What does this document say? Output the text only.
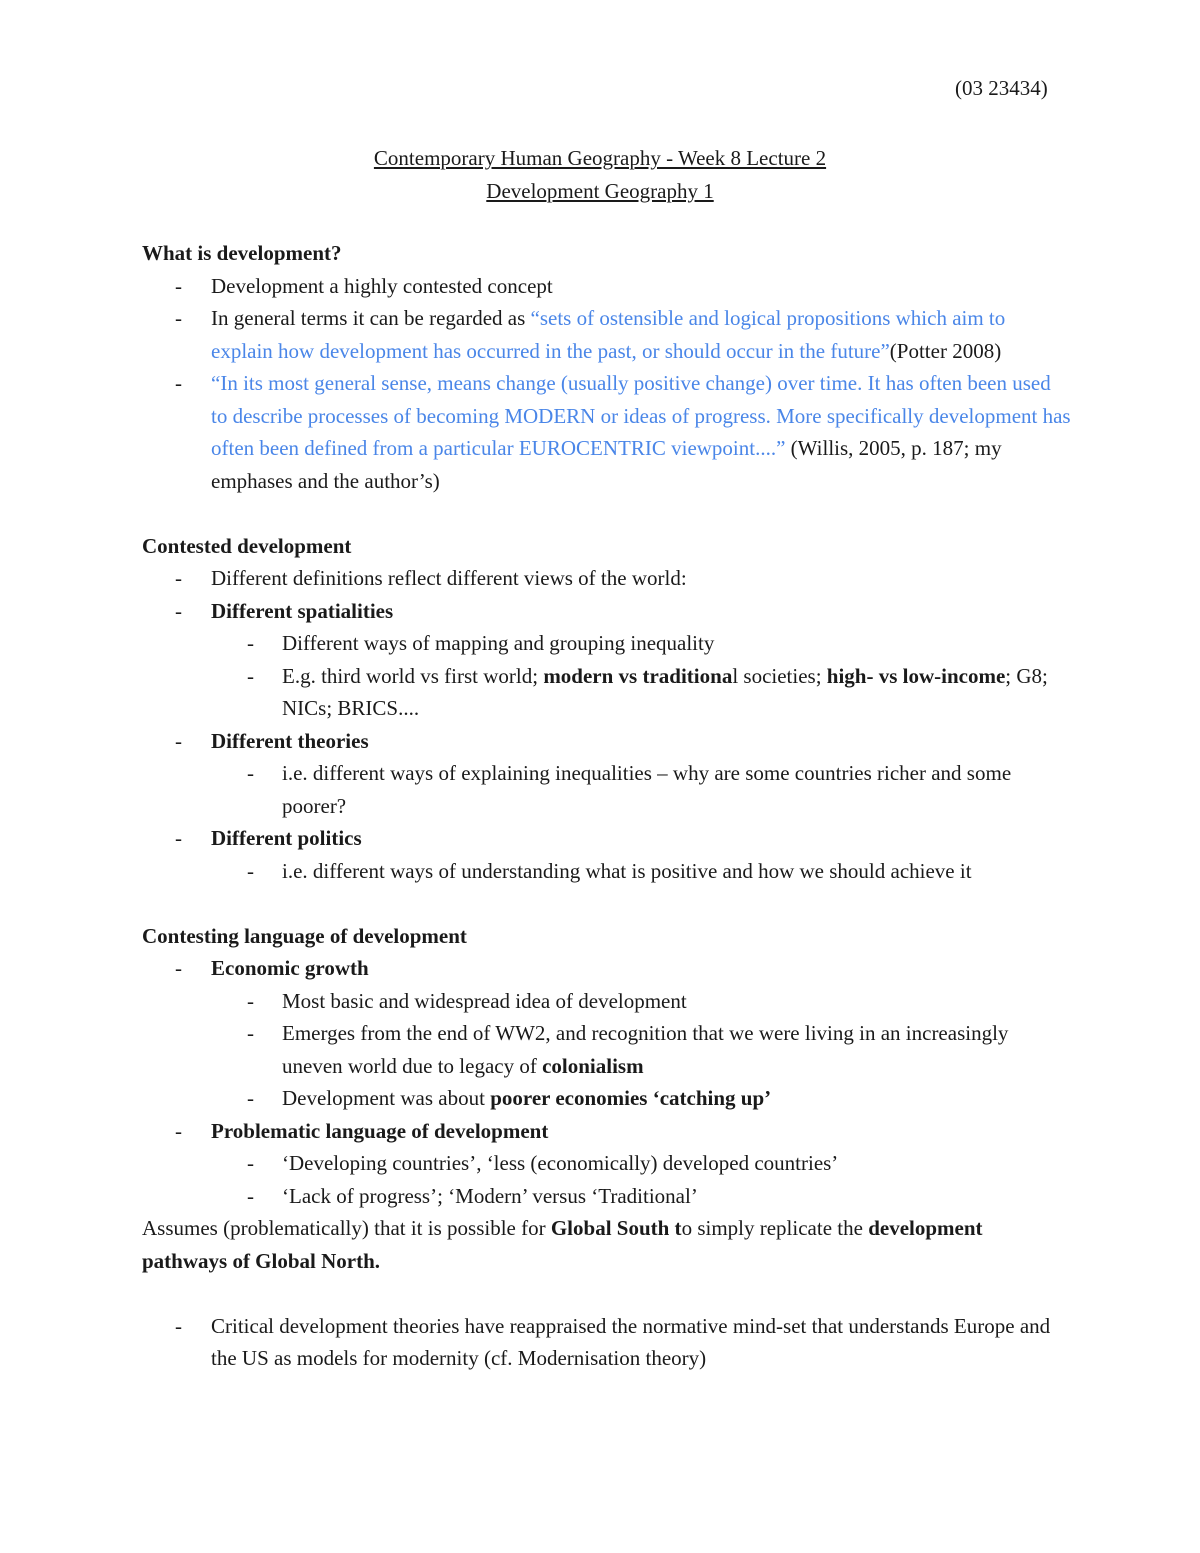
(03 23434)
Contemporary Human Geography - Week 8 Lecture 2
Development Geography 1
What is development?
- Development a highly contested concept
- In general terms it can be regarded as “sets of ostensible and logical propositions which aim to explain how development has occurred in the past, or should occur in the future”(Potter 2008)
- “In its most general sense, means change (usually positive change) over time. It has often been used to describe processes of becoming MODERN or ideas of progress. More specifically development has often been defined from a particular EUROCENTRIC viewpoint....” (Willis, 2005, p. 187; my emphases and the author’s)
Contested development
- Different definitions reflect different views of the world:
- Different spatialities
- Different ways of mapping and grouping inequality
- E.g. third world vs first world; modern vs traditional societies; high- vs low-income; G8; NICs; BRICS....
- Different theories
- i.e. different ways of explaining inequalities – why are some countries richer and some poorer?
- Different politics
- i.e. different ways of understanding what is positive and how we should achieve it
Contesting language of development
- Economic growth
- Most basic and widespread idea of development
- Emerges from the end of WW2, and recognition that we were living in an increasingly uneven world due to legacy of colonialism
- Development was about poorer economies ‘catching up’
- Problematic language of development
- ‘Developing countries’, ‘less (economically) developed countries’
- ‘Lack of progress’; ‘Modern’ versus ‘Traditional’
Assumes (problematically) that it is possible for Global South to simply replicate the development pathways of Global North.
- Critical development theories have reappraised the normative mind-set that understands Europe and the US as models for modernity (cf. Modernisation theory)
